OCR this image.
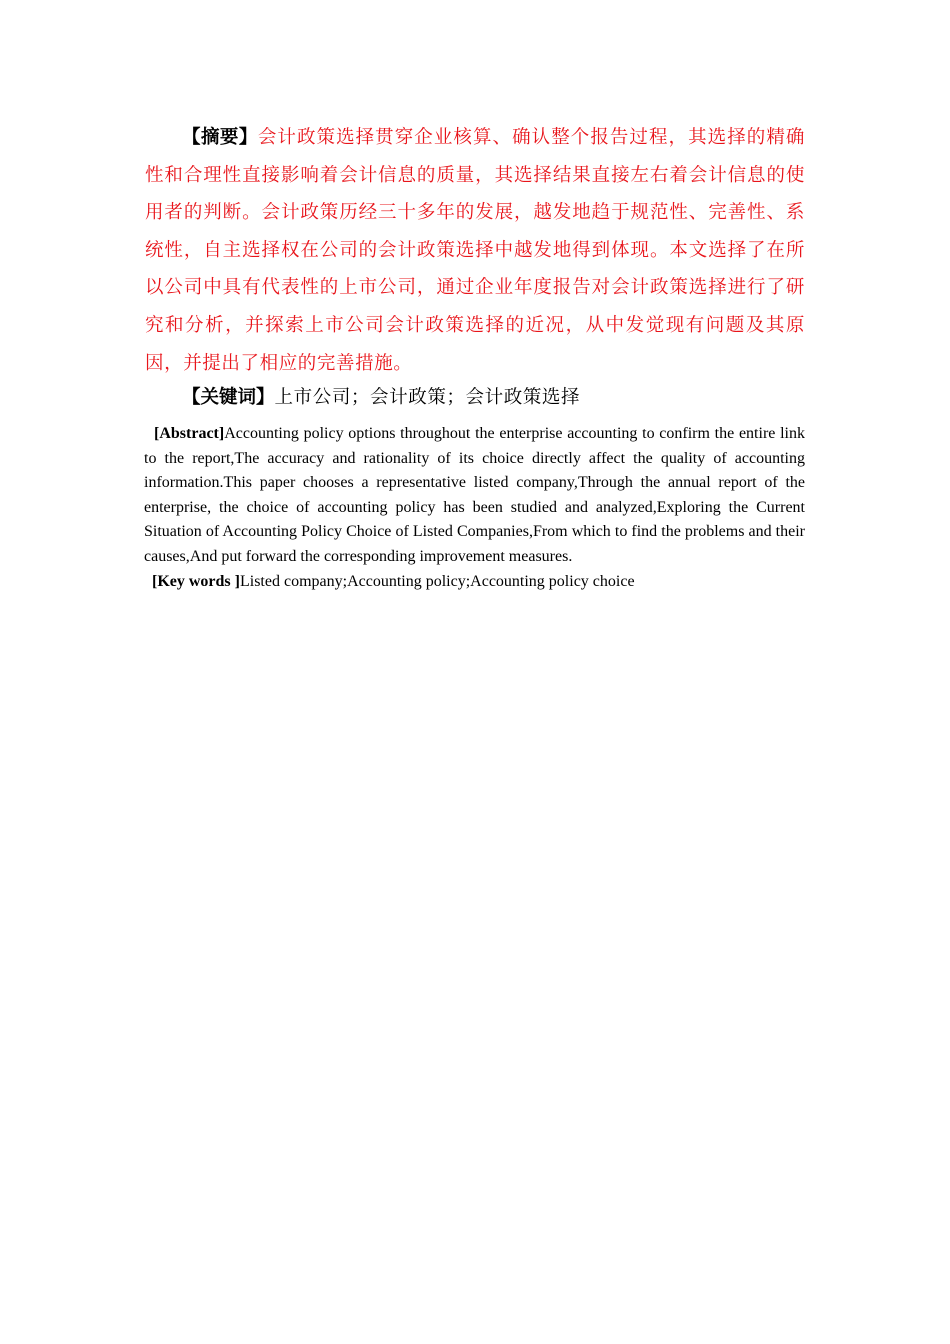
【摘要】会计政策选择贯穿企业核算、确认整个报告过程，其选择的精确性和合理性直接影响着会计信息的质量，其选择结果直接左右着会计信息的使用者的判断。会计政策历经三十多年的发展，越发地趋于规范性、完善性、系统性，自主选择权在公司的会计政策选择中越发地得到体现。本文选择了在所以公司中具有代表性的上市公司，通过企业年度报告对会计政策选择进行了研究和分析，并探索上市公司会计政策选择的近况，从中发觉现有问题及其原因，并提出了相应的完善措施。

【关键词】上市公司；会计政策；会计政策选择

[Abstract]Accounting policy options throughout the enterprise accounting to confirm the entire link to the report,The accuracy and rationality of its choice directly affect the quality of accounting information.This paper chooses a representative listed company,Through the annual report of the enterprise, the choice of accounting policy has been studied and analyzed,Exploring the Current Situation of Accounting Policy Choice of Listed Companies,From which to find the problems and their causes,And put forward the corresponding improvement measures.

[Key words ]Listed company;Accounting policy;Accounting policy choice
